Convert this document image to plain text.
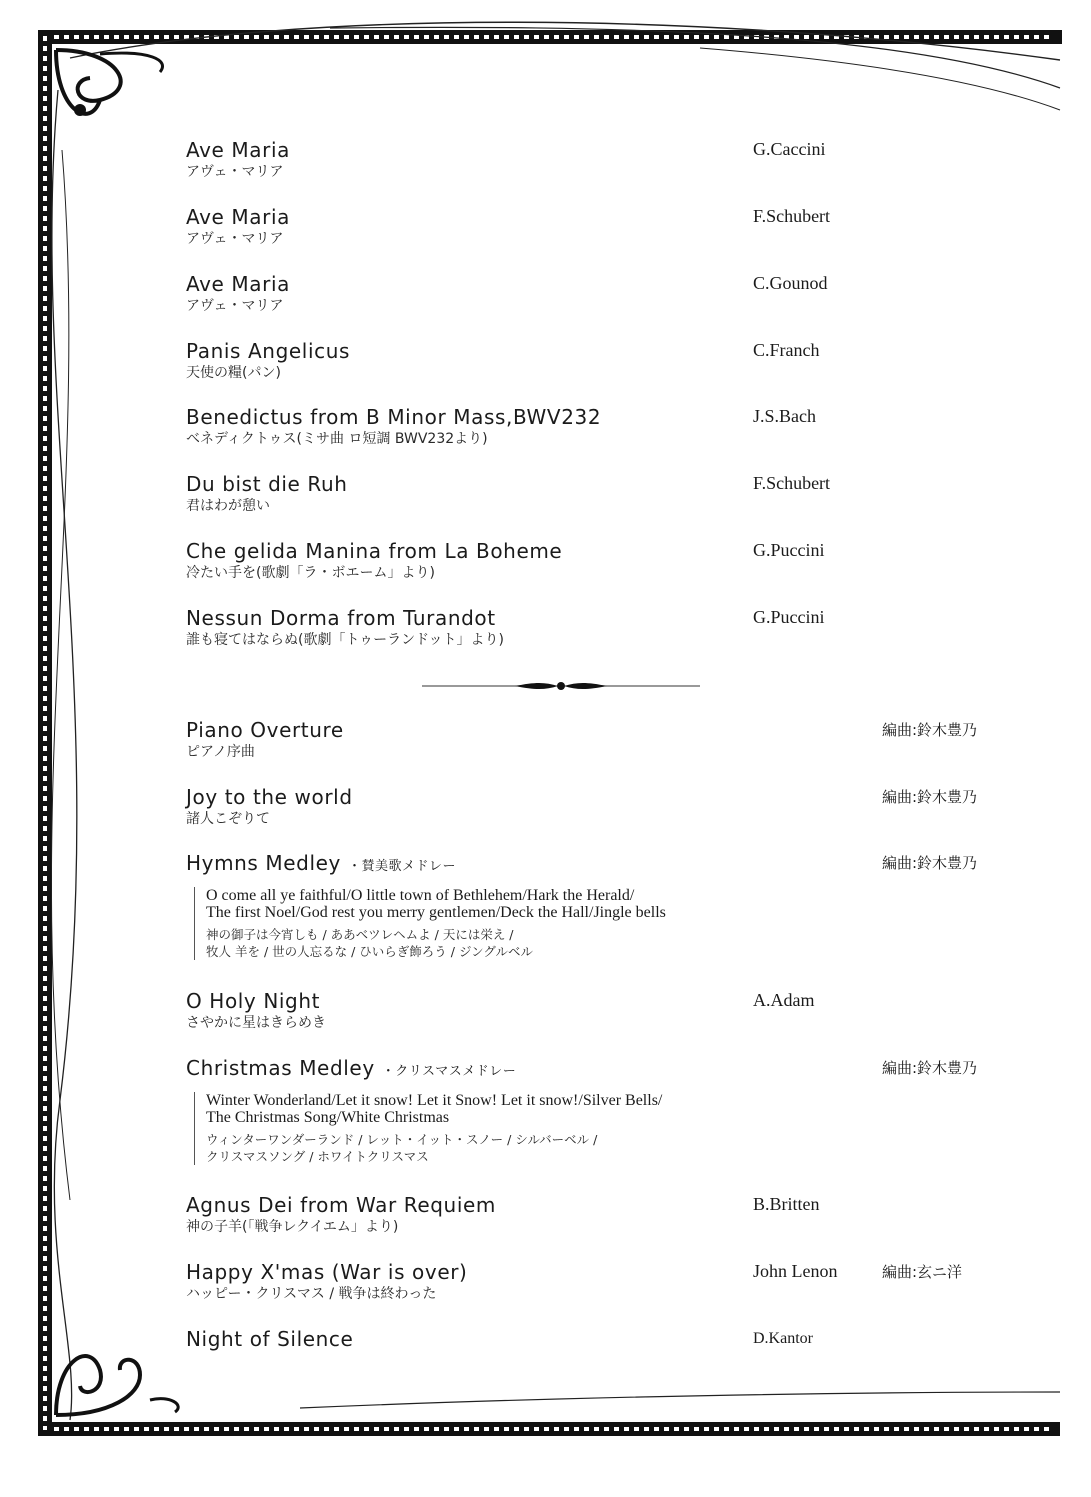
Ave Maria
アヴェ・マリア
G.Caccini
Ave Maria
アヴェ・マリア
F.Schubert
Ave Maria
アヴェ・マリア
C.Gounod
Panis Angelicus
天使の糧(パン)
C.Franch
Benedictus from B Minor Mass,BWV232
ベネディクトゥス(ミサ曲 ロ短調 BWV232より)
J.S.Bach
Du bist die Ruh
君はわが憩い
F.Schubert
Che gelida Manina from La Boheme
冷たい手を(歌劇「ラ・ボエーム」より)
G.Puccini
Nessun Dorma from Turandot
誰も寝てはならぬ(歌劇「トゥーランドット」より)
G.Puccini
Piano Overture
ピアノ序曲
編曲:鈴木豊乃
Joy to the world
諸人こぞりて
編曲:鈴木豊乃
Hymns Medley ・賛美歌メドレー	編曲:鈴木豊乃
O come all ye faithful/O little town of Bethlehem/Hark the Herald/
The first Noel/God rest you merry gentlemen/Deck the Hall/Jingle bells
神の御子は今宵しも / ああベツレヘムよ / 天には栄え /
牧人 羊を / 世の人忘るな / ひいらぎ飾ろう / ジングルベル
O Holy Night
さやかに星はきらめき
A.Adam
Christmas Medley ・クリスマスメドレー	編曲:鈴木豊乃
Winter Wonderland/Let it snow! Let it Snow! Let it snow!/Silver Bells/
The Christmas Song/White Christmas
ウィンターワンダーランド / レット・イット・スノー / シルバーベル /
クリスマスソング / ホワイトクリスマス
Agnus Dei from War Requiem
神の子羊(「戦争レクイエム」より)
B.Britten
Happy X'mas (War is over)
ハッピー・クリスマス / 戦争は終わった
John Lenon	編曲:玄ニ洋
Night of Silence	D.Kantor
